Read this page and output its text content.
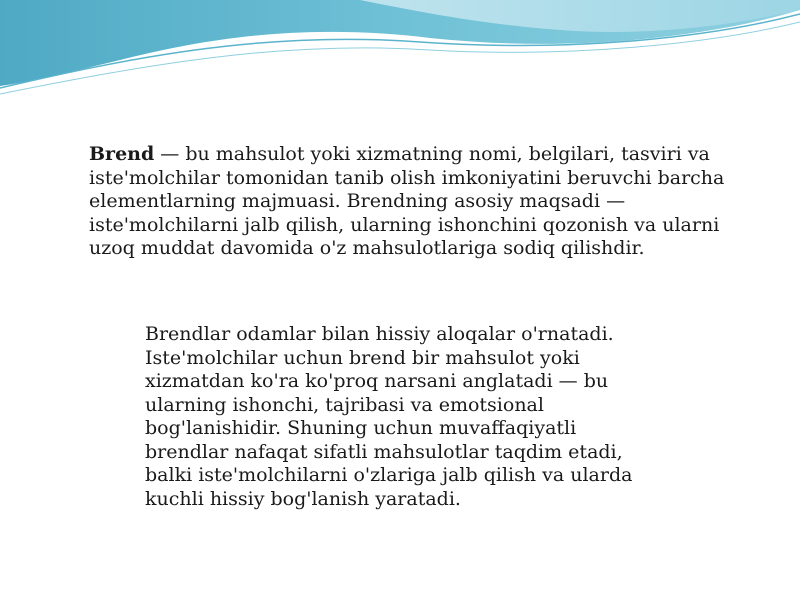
Brend — bu mahsulot yoki xizmatning nomi, belgilari, tasviri va iste'molchilar tomonidan tanib olish imkoniyatini beruvchi barcha elementlarning majmuasi. Brendning asosiy maqsadi — iste'molchilarni jalb qilish, ularning ishonchini qozonish va ularni uzoq muddat davomida o'z mahsulotlariga sodiq qilishdir.

Brendlar odamlar bilan hissiy aloqalar o'rnatadi. Iste'molchilar uchun brend bir mahsulot yoki xizmatdan ko'ra ko'proq narsani anglatadi — bu ularning ishonchi, tajribasi va emotsional bog'lanishidir. Shuning uchun muvaffaqiyatli brendlar nafaqat sifatli mahsulotlar taqdim etadi, balki iste'molchilarni o'zlariga jalb qilish va ularda kuchli hissiy bog'lanish yaratadi.
